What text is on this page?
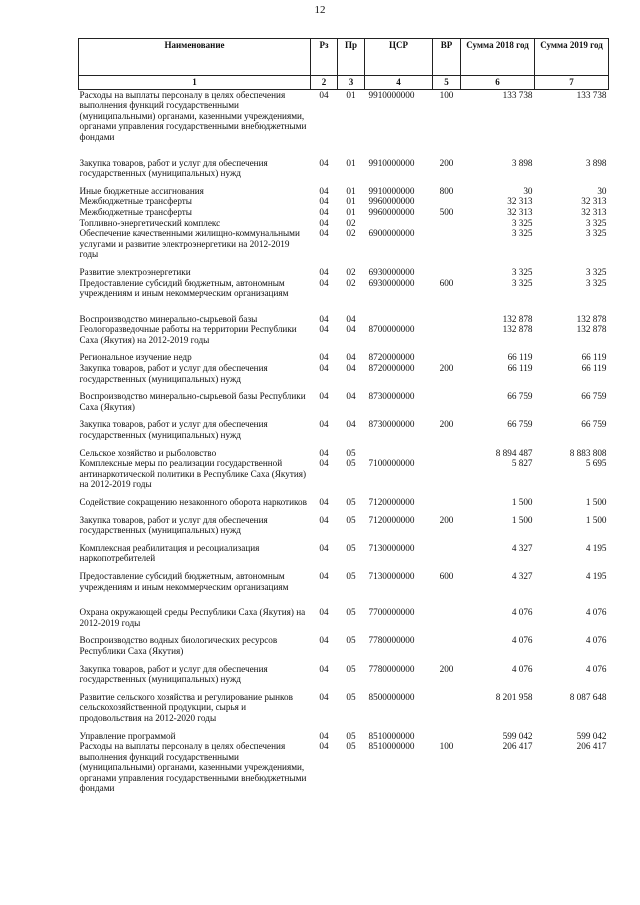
12
Наименование	Рз	Пр	ЦСР	ВР	Сумма 2018 год	Сумма 2019 год
1	2	3	4	5	6	7
Расходы на выплаты персоналу в целях обеспечения выполнения функций государственными (муниципальными) органами, казенными учреждениями, органами управления государственными внебюджетными фондами	04	01	9910000000	100	133 738	133 738
Закупка товаров, работ и услуг для обеспечения государственных (муниципальных) нужд	04	01	9910000000	200	3 898	3 898
Иные бюджетные ассигнования	04	01	9910000000	800	30	30
Межбюджетные трансферты	04	01	9960000000		32 313	32 313
Межбюджетные трансферты	04	01	9960000000	500	32 313	32 313
Топливно-энергетический комплекс	04	02			3 325	3 325
Обеспечение качественными жилищно-коммунальными услугами и развитие электроэнергетики на 2012-2019 годы	04	02	6900000000		3 325	3 325
Развитие электроэнергетики	04	02	6930000000		3 325	3 325
Предоставление субсидий бюджетным, автономным учреждениям и иным некоммерческим организациям	04	02	6930000000	600	3 325	3 325
Воспроизводство минерально-сырьевой базы	04	04			132 878	132 878
Геологоразведочные работы на территории Республики Саха (Якутия) на 2012-2019 годы	04	04	8700000000		132 878	132 878
Региональное изучение недр	04	04	8720000000		66 119	66 119
Закупка товаров, работ и услуг для обеспечения государственных (муниципальных) нужд	04	04	8720000000	200	66 119	66 119
Воспроизводство минерально-сырьевой базы Республики Саха (Якутия)	04	04	8730000000		66 759	66 759
Закупка товаров, работ и услуг для обеспечения государственных (муниципальных) нужд	04	04	8730000000	200	66 759	66 759
Сельское хозяйство и рыболовство	04	05			8 894 487	8 883 808
Комплексные меры по реализации государственной антинаркотической политики в Республике Саха (Якутия) на 2012-2019 годы	04	05	7100000000		5 827	5 695
Содействие сокращению незаконного оборота наркотиков	04	05	7120000000		1 500	1 500
Закупка товаров, работ и услуг для обеспечения государственных (муниципальных) нужд	04	05	7120000000	200	1 500	1 500
Комплексная реабилитация и ресоциализация наркопотребителей	04	05	7130000000		4 327	4 195
Предоставление субсидий бюджетным, автономным учреждениям и иным некоммерческим организациям	04	05	7130000000	600	4 327	4 195
Охрана окружающей среды Республики Саха (Якутия) на 2012-2019 годы	04	05	7700000000		4 076	4 076
Воспроизводство водных биологических ресурсов Республики Саха (Якутия)	04	05	7780000000		4 076	4 076
Закупка товаров, работ и услуг для обеспечения государственных (муниципальных) нужд	04	05	7780000000	200	4 076	4 076
Развитие сельского хозяйства и регулирование рынков сельскохозяйственной продукции, сырья и продовольствия на 2012-2020 годы	04	05	8500000000		8 201 958	8 087 648
Управление программой	04	05	8510000000		599 042	599 042
Расходы на выплаты персоналу в целях обеспечения выполнения функций государственными (муниципальными) органами, казенными учреждениями, органами управления государственными внебюджетными фондами	04	05	8510000000	100	206 417	206 417
